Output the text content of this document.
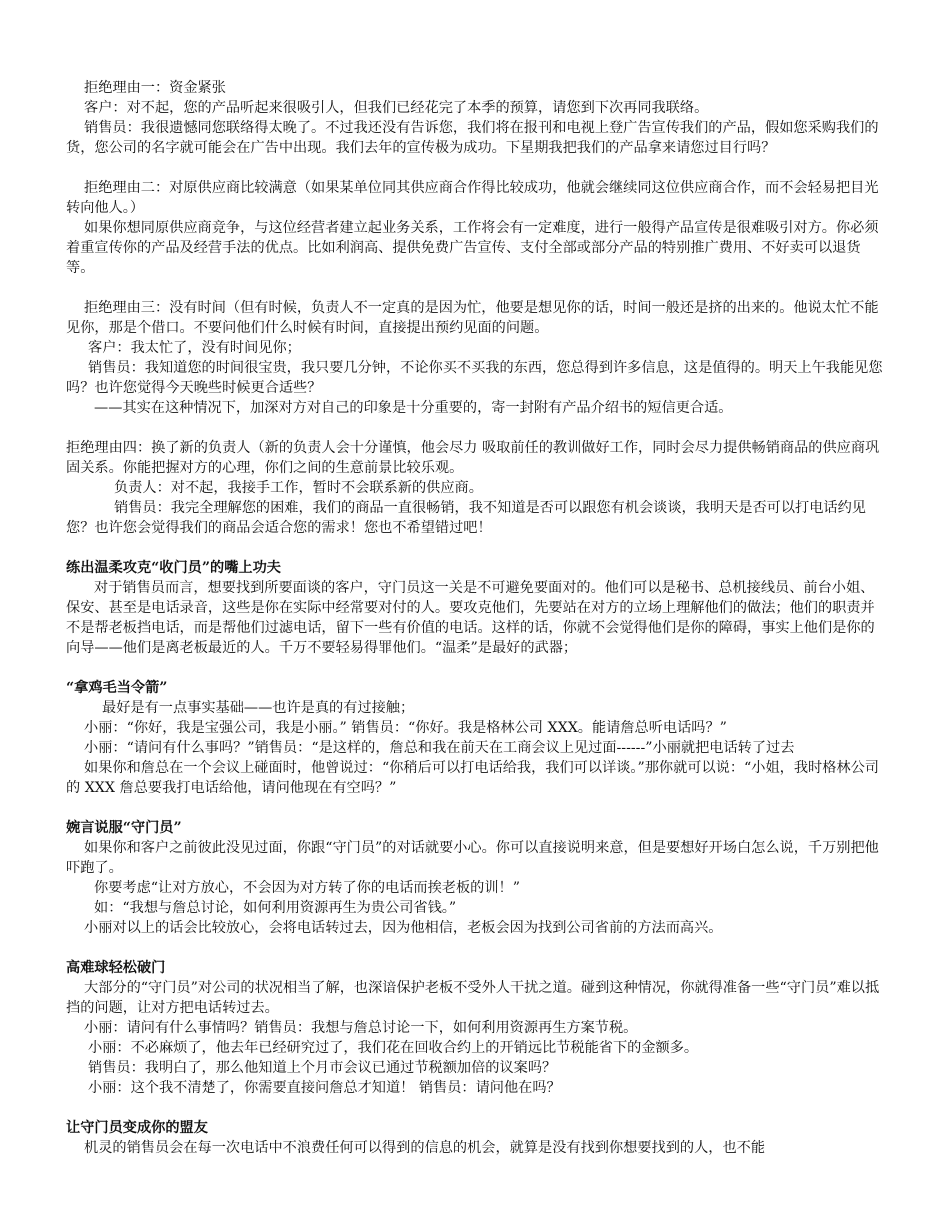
拒绝理由一：资金紧张

客户：对不起，您的产品听起来很吸引人，但我们已经花完了本季的预算，请您到下次再同我联络。

销售员：我很遗憾同您联络得太晚了。不过我还没有告诉您，我们将在报刊和电视上登广告宣传我们的产品，假如您采购我们的货，您公司的名字就可能会在广告中出现。我们去年的宣传极为成功。下星期我把我们的产品拿来请您过目行吗？

拒绝理由二：对原供应商比较满意（如果某单位同其供应商合作得比较成功，他就会继续同这位供应商合作，而不会轻易把目光转向他人。）

如果你想同原供应商竞争，与这位经营者建立起业务关系，工作将会有一定难度，进行一般得产品宣传是很难吸引对方。你必须着重宣传你的产品及经营手法的优点。比如利润高、提供免费广告宣传、支付全部或部分产品的特别推广费用、不好卖可以退货等。

拒绝理由三：没有时间（但有时候，负责人不一定真的是因为忙，他要是想见你的话，时间一般还是挤的出来的。他说太忙不能见你，那是个借口。不要问他们什么时候有时间，直接提出预约见面的问题。

客户：我太忙了，没有时间见你；

销售员：我知道您的时间很宝贵，我只要几分钟，不论你买不买我的东西，您总得到许多信息，这是值得的。明天上午我能见您吗？也许您觉得今天晚些时候更合适些？

——其实在这种情况下，加深对方对自己的印象是十分重要的，寄一封附有产品介绍书的短信更合适。

拒绝理由四：换了新的负责人（新的负责人会十分谨慎，他会尽力 吸取前任的教训做好工作，同时会尽力提供畅销商品的供应商巩固关系。你能把握对方的心理，你们之间的生意前景比较乐观。

负责人：对不起，我接手工作，暂时不会联系新的供应商。

销售员：我完全理解您的困难，我们的商品一直很畅销，我不知道是否可以跟您有机会谈谈，我明天是否可以打电话约见您？也许您会觉得我们的商品会适合您的需求！您也不希望错过吧！

练出温柔攻克“收门员”的嘴上功夫

对于销售员而言，想要找到所要面谈的客户，守门员这一关是不可避免要面对的。他们可以是秘书、总机接线员、前台小姐、保安、甚至是电话录音，这些是你在实际中经常要对付的人。要攻克他们，先要站在对方的立场上理解他们的做法；他们的职责并不是帮老板挡电话，而是帮他们过滤电话，留下一些有价值的电话。这样的话，你就不会觉得他们是你的障碍，事实上他们是你的向导——他们是离老板最近的人。千万不要轻易得罪他们。“温柔”是最好的武器；

“拿鸡毛当令箭”

最好是有一点事实基础——也许是真的有过接触；

小丽：“你好，我是宝强公司，我是小丽。” 销售员：“你好。我是格林公司 XXX。能请詹总听电话吗？”

小丽：“请问有什么事吗？”销售员：“是这样的，詹总和我在前天在工商会议上见过面------”小丽就把电话转了过去

如果你和詹总在一个会议上碰面时，他曾说过：“你稍后可以打电话给我，我们可以详谈。”那你就可以说：“小姐，我时格林公司的 XXX 詹总要我打电话给他，请问他现在有空吗？”

婉言说服“守门员”

如果你和客户之前彼此没见过面，你跟“守门员”的对话就要小心。你可以直接说明来意，但是要想好开场白怎么说，千万别把他吓跑了。

你要考虑“让对方放心，不会因为对方转了你的电话而挨老板的训！”

如：“我想与詹总讨论，如何利用资源再生为贵公司省钱。”

小丽对以上的话会比较放心，会将电话转过去，因为他相信，老板会因为找到公司省前的方法而高兴。

高难球轻松破门

大部分的“守门员”对公司的状况相当了解，也深谙保护老板不受外人干扰之道。碰到这种情况，你就得准备一些“守门员”难以抵挡的问题，让对方把电话转过去。

小丽：请问有什么事情吗？销售员：我想与詹总讨论一下，如何利用资源再生方案节税。

小丽：不必麻烦了，他去年已经研究过了，我们花在回收合约上的开销远比节税能省下的金额多。

销售员：我明白了，那么他知道上个月市会议已通过节税额加倍的议案吗？

小丽：这个我不清楚了，你需要直接问詹总才知道！ 销售员：请问他在吗？

让守门员变成你的盟友

机灵的销售员会在每一次电话中不浪费任何可以得到的信息的机会，就算是没有找到你想要找到的人，也不能
